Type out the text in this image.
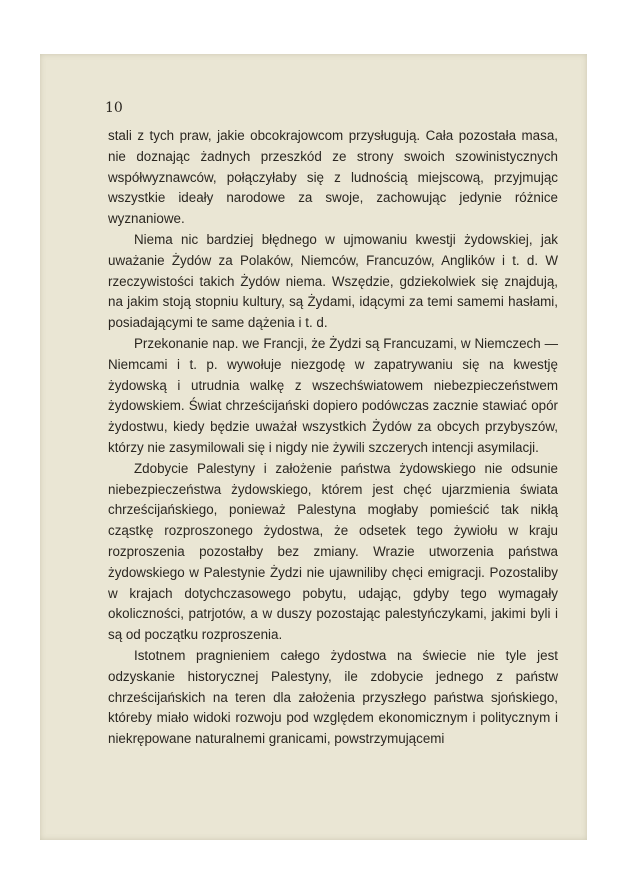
10

stali z tych praw, jakie obcokrajowcom przysługują. Cała pozostała masa, nie doznając żadnych przeszkód ze strony swoich szowinistycznych współwyznawców, połączyłaby się z ludnością miejscową, przyjmując wszystkie ideały narodowe za swoje, zachowując jedynie różnice wyznaniowe.

Niema nic bardziej błędnego w ujmowaniu kwestji żydowskiej, jak uważanie Żydów za Polaków, Niemców, Francuzów, Anglików i t. d. W rzeczywistości takich Żydów niema. Wszędzie, gdziekolwiek się znajdują, na jakim stoją stopniu kultury, są Żydami, idącymi za temi samemi hasłami, posiadającymi te same dążenia i t. d.

Przekonanie nap. we Francji, że Żydzi są Francuzami, w Niemczech — Niemcami i t. p. wywołuje niezgodę w zapatrywaniu się na kwestję żydowską i utrudnia walkę z wszechświatowem niebezpieczeństwem żydowskiem. Świat chrześcijański dopiero podówczas zacznie stawiać opór żydostwu, kiedy będzie uważał wszystkich Żydów za obcych przybyszów, którzy nie zasymilowali się i nigdy nie żywili szczerych intencji asymilacji.

Zdobycie Palestyny i założenie państwa żydowskiego nie odsunie niebezpieczeństwa żydowskiego, którem jest chęć ujarzmienia świata chrześcijańskiego, ponieważ Palestyna mogłaby pomieścić tak nikłą cząstkę rozproszonego żydostwa, że odsetek tego żywiołu w kraju rozproszenia pozostałby bez zmiany. Wrazie utworzenia państwa żydowskiego w Palestynie Żydzi nie ujawniliby chęci emigracji. Pozostaliby w krajach dotychczasowego pobytu, udając, gdyby tego wymagały okoliczności, patrjotów, a w duszy pozostając palestyńczykami, jakimi byli i są od początku rozproszenia.

Istotnem pragnieniem całego żydostwa na świecie nie tyle jest odzyskanie historycznej Palestyny, ile zdobycie jednego z państw chrześcijańskich na teren dla założenia przyszłego państwa sjońskiego, któreby miało widoki rozwoju pod względem ekonomicznym i politycznym i niekrępowane naturalnemi granicami, powstrzymującemi
